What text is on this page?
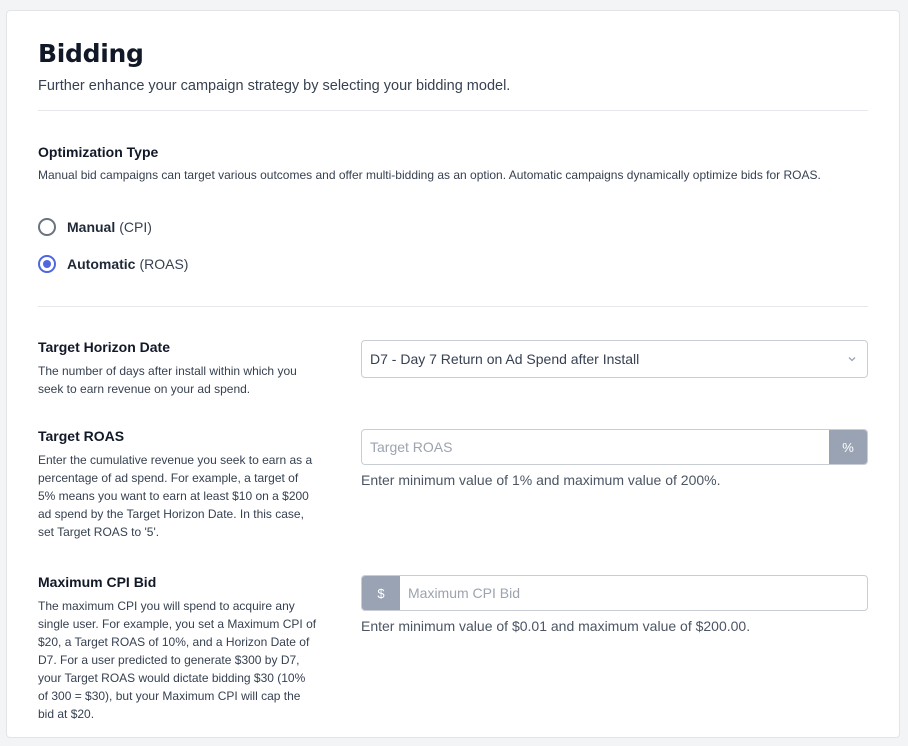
Bidding
Further enhance your campaign strategy by selecting your bidding model.
Optimization Type
Manual bid campaigns can target various outcomes and offer multi-bidding as an option. Automatic campaigns dynamically optimize bids for ROAS.
Manual (CPI)
Automatic (ROAS)
Target Horizon Date
The number of days after install within which you seek to earn revenue on your ad spend.
D7 - Day 7 Return on Ad Spend after Install
Target ROAS
Enter the cumulative revenue you seek to earn as a percentage of ad spend. For example, a target of 5% means you want to earn at least $10 on a $200 ad spend by the Target Horizon Date. In this case, set Target ROAS to '5'.
Target ROAS
%
Enter minimum value of 1% and maximum value of 200%.
Maximum CPI Bid
The maximum CPI you will spend to acquire any single user. For example, you set a Maximum CPI of $20, a Target ROAS of 10%, and a Horizon Date of D7. For a user predicted to generate $300 by D7, your Target ROAS would dictate bidding $30 (10% of 300 = $30), but your Maximum CPI will cap the bid at $20.
$
Maximum CPI Bid
Enter minimum value of $0.01 and maximum value of $200.00.
